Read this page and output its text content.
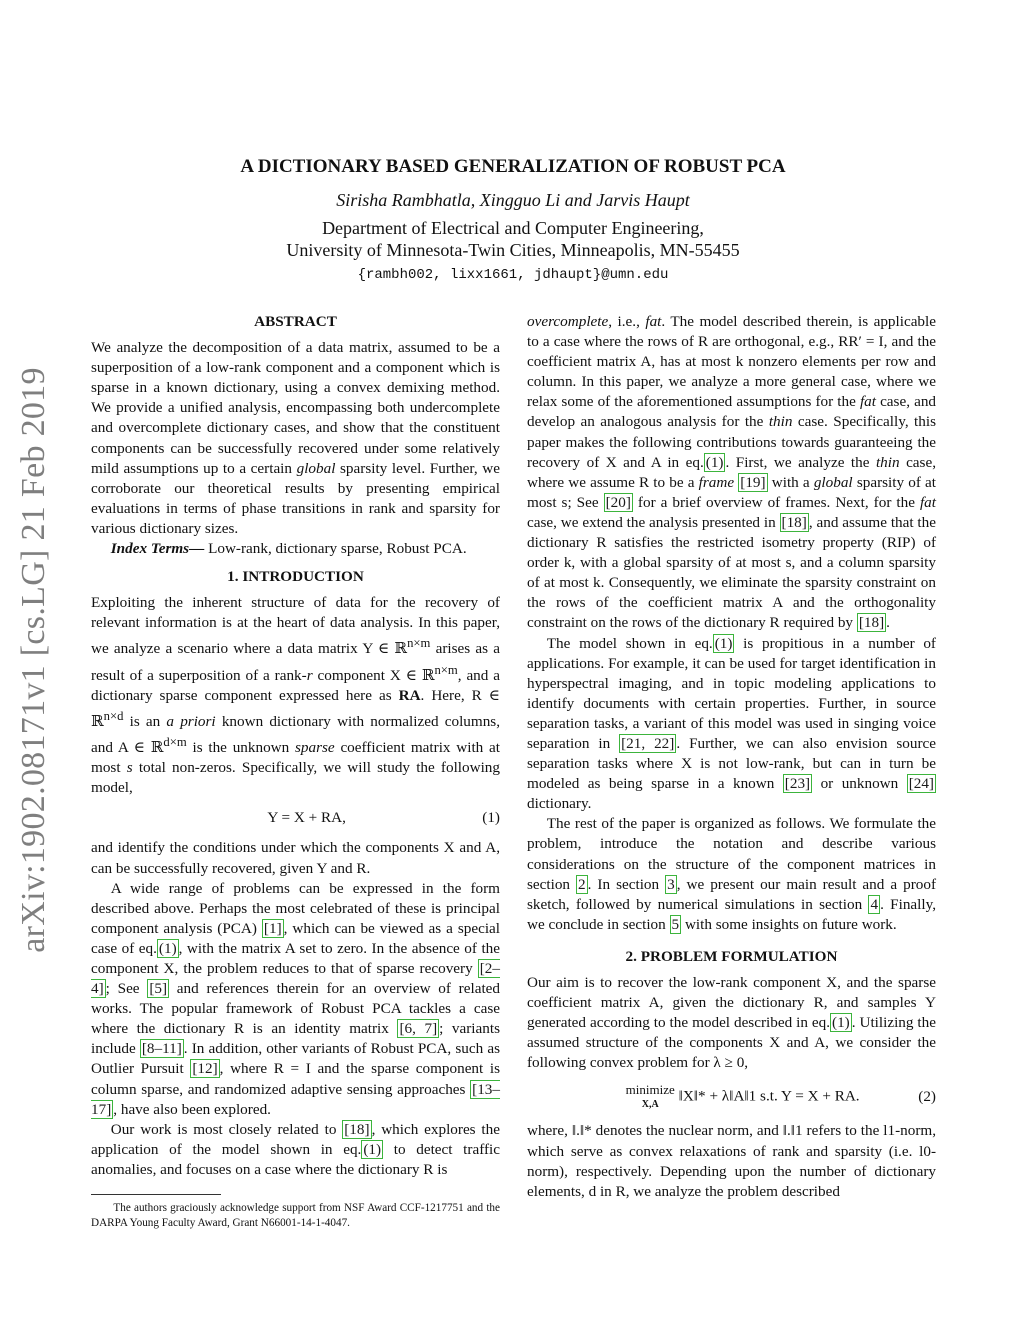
arXiv:1902.08171v1 [cs.LG] 21 Feb 2019
A DICTIONARY BASED GENERALIZATION OF ROBUST PCA
Sirisha Rambhatla, Xingguo Li and Jarvis Haupt
Department of Electrical and Computer Engineering,
University of Minnesota-Twin Cities, Minneapolis, MN-55455
{rambh002, lixx1661, jdhaupt}@umn.edu
ABSTRACT

We analyze the decomposition of a data matrix, assumed to be a superposition of a low-rank component and a component which is sparse in a known dictionary, using a convex demixing method. We provide a unified analysis, encompassing both undercomplete and overcomplete dictionary cases, and show that the constituent components can be successfully recovered under some relatively mild assumptions up to a certain global sparsity level. Further, we corroborate our theoretical results by presenting empirical evaluations in terms of phase transitions in rank and sparsity for various dictionary sizes.

Index Terms— Low-rank, dictionary sparse, Robust PCA.

1. INTRODUCTION

Exploiting the inherent structure of data for the recovery of relevant information is at the heart of data analysis. In this paper, we analyze a scenario where a data matrix Y ∈ ℝ$^{n\times m}$ arises as a result of a superposition of a rank-r component X ∈ ℝ$^{n\times m}$, and a dictionary sparse component expressed here as RA. Here, R ∈ ℝ$^{n\times d}$ is an a priori known dictionary with normalized columns, and A ∈ ℝ$^{d\times m}$ is the unknown sparse coefficient matrix with at most s total non-zeros. Specifically, we will study the following model,

Y = X + RA,	(1)

and identify the conditions under which the components X and A, can be successfully recovered, given Y and R.

A wide range of problems can be expressed in the form described above. Perhaps the most celebrated of these is principal component analysis (PCA) [1] , which can be viewed as a special case of eq. (1) , with the matrix A set to zero. In the absence of the component X, the problem reduces to that of sparse recovery [2–4] ; See [5] and references therein for an overview of related works. The popular framework of Robust PCA tackles a case where the dictionary R is an identity matrix [6, 7] ; variants include [8–11] . In addition, other variants of Robust PCA, such as Outlier Pursuit [12] , where R = I and the sparse component is column sparse, and randomized adaptive sensing approaches [13–17] , have also been explored.

Our work is most closely related to [18] , which explores the application of the model shown in eq. (1) to detect traffic anomalies, and focuses on a case where the dictionary R is

The authors graciously acknowledge support from NSF Award CCF-1217751 and the DARPA Young Faculty Award, Grant N66001-14-1-4047.

overcomplete, i.e., fat. The model described therein, is applicable to a case where the rows of R are orthogonal, e.g., RR′ = I, and the coefficient matrix A, has at most k nonzero elements per row and column. In this paper, we analyze a more general case, where we relax some of the aforementioned assumptions for the fat case, and develop an analogous analysis for the thin case. Specifically, this paper makes the following contributions towards guaranteeing the recovery of X and A in eq. (1) . First, we analyze the thin case, where we assume R to be a frame [19] with a global sparsity of at most s; See [20] for a brief overview of frames. Next, for the fat case, we extend the analysis presented in [18] , and assume that the dictionary R satisfies the restricted isometry property (RIP) of order k, with a global sparsity of at most s, and a column sparsity of at most k. Consequently, we eliminate the sparsity constraint on the rows of the coefficient matrix A and the orthogonality constraint on the rows of the dictionary R required by [18] .

The model shown in eq. (1) is propitious in a number of applications. For example, it can be used for target identification in hyperspectral imaging, and in topic modeling applications to identify documents with certain properties. Further, in source separation tasks, a variant of this model was used in singing voice separation in [21, 22] . Further, we can also envision source separation tasks where X is not low-rank, but can in turn be modeled as being sparse in a known [23] or unknown [24] dictionary.

The rest of the paper is organized as follows. We formulate the problem, introduce the notation and describe various considerations on the structure of the component matrices in section 2 . In section 3 , we present our main result and a proof sketch, followed by numerical simulations in section 4 . Finally, we conclude in section 5 with some insights on future work.

2. PROBLEM FORMULATION

Our aim is to recover the low-rank component X, and the sparse coefficient matrix A, given the dictionary R, and samples Y generated according to the model described in eq. (1) . Utilizing the assumed structure of the components X and A, we consider the following convex problem for λ ≥ 0,

minimize
X,A ‖X‖* + λ‖A‖1 s.t. Y = X + RA.	(2)

where, ‖.‖* denotes the nuclear norm, and ‖.‖1 refers to the l1-norm, which serve as convex relaxations of rank and sparsity (i.e. l0-norm), respectively. Depending upon the number of dictionary elements, d in R, we analyze the problem described
